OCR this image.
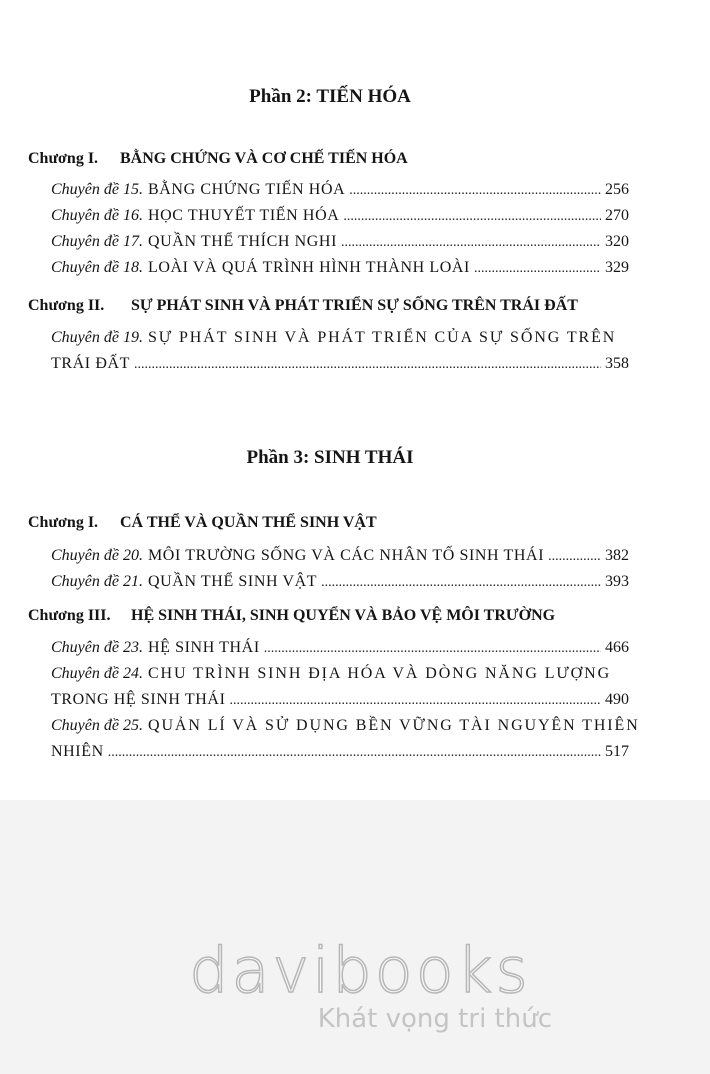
Phần 2: TIẾN HÓA
Chương I. BẰNG CHỨNG VÀ CƠ CHẾ TIẾN HÓA
Chuyên đề 15. BẰNG CHỨNG TIẾN HÓA .....	256
Chuyên đề 16. HỌC THUYẾT TIẾN HÓA .....	270
Chuyên đề 17. QUẦN THỂ THÍCH NGHI .....	320
Chuyên đề 18. LOÀI VÀ QUÁ TRÌNH HÌNH THÀNH LOÀI .....	329
Chương II. SỰ PHÁT SINH VÀ PHÁT TRIỂN SỰ SỐNG TRÊN TRÁI ĐẤT
Chuyên đề 19. SỰ PHÁT SINH VÀ PHÁT TRIỂN CỦA SỰ SỐNG TRÊN
TRÁI ĐẤT .....	358
Phần 3: SINH THÁI
Chương I. CÁ THỂ VÀ QUẦN THỂ SINH VẬT
Chuyên đề 20. MÔI TRƯỜNG SỐNG VÀ CÁC NHÂN TỐ SINH THÁI .....	382
Chuyên đề 21. QUẦN THỂ SINH VẬT .....	393
Chương III. HỆ SINH THÁI, SINH QUYỂN VÀ BẢO VỆ MÔI TRƯỜNG
Chuyên đề 23. HỆ SINH THÁI .....	466
Chuyên đề 24. CHU TRÌNH SINH ĐỊA HÓA VÀ DÒNG NĂNG LƯỢNG
TRONG HỆ SINH THÁI .....	490
Chuyên đề 25. QUẢN LÍ VÀ SỬ DỤNG BỀN VỮNG TÀI NGUYÊN THIÊN
NHIÊN .....	517
davibooks
Khát vọng tri thức
